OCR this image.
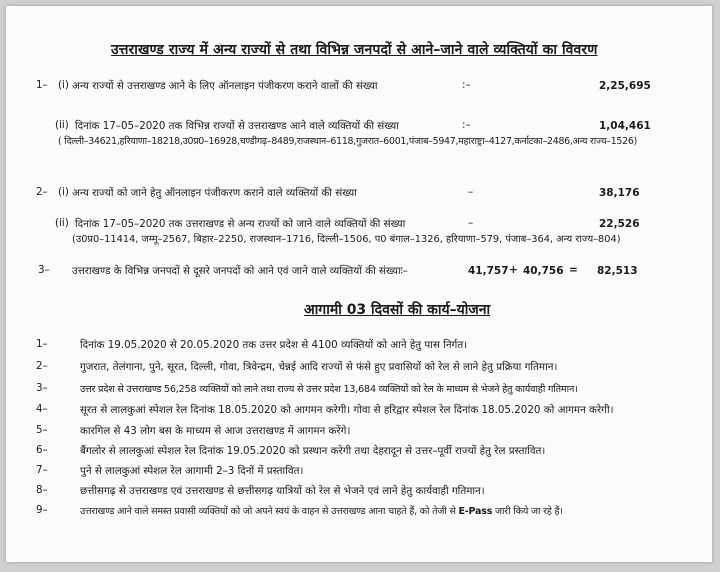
उत्तराखण्ड राज्य में अन्य राज्यों से तथा विभिन्न जनपदों से आने–जाने वाले व्यक्तियों का विवरण
1– (i) अन्य राज्यों से उत्तराखण्ड आने के लिए ऑनलाइन पंजीकरण कराने वालों की संख्या	:–	2,25,695
(ii) दिनांक 17–05–2020 तक विभिन्न राज्यों से उत्तराखण्ड आने वाले व्यक्तियों की संख्या	:–	1,04,461
( दिल्ली–34621,हरियाणा–18218,उ0प्र0–16928,चण्डीगढ़–8489,राजस्थान–6118,गुजरात–6001,पंजाब–5947,महाराष्ट्रा–4127,कर्नाटका–2486,अन्य राज्य–1526)
2– (i) अन्य राज्यों को जाने हेतु ऑनलाइन पंजीकरण कराने वाले व्यक्तियों की संख्या	–	38,176
(ii) दिनांक 17–05–2020 तक उत्तराखण्ड से अन्य राज्यों को जाने वाले व्यक्तियों की संख्या	–	22,526
(उ0प्र0–11414, जम्मू–2567, बिहार–2250, राजस्थान–1716, दिल्ली–1506, प0 बंगाल–1326, हरियाणा–579, पंजाब–364, अन्य राज्य–804)
3– उत्तराखण्ड के विभिन्न जनपदों से दूसरे जनपदों को आने एवं जाने वाले व्यक्तियों की संख्याः–	41,757 + 40,756 = 82,513
आगामी 03 दिवसों की कार्य–योजना
1–	दिनांक 19.05.2020 से 20.05.2020 तक उत्तर प्रदेश से 4100 व्यक्तियों को आने हेतु पास निर्गत।
2–	गुजरात, तेलंगाना, पुने, सूरत, दिल्ली, गोवा, त्रिवेन्द्रम, चेन्नई आदि राज्यों से फंसे हुए प्रवासियों को रेल से लाने हेतु प्रक्रिया गतिमान।
3–	उत्तर प्रदेश से उत्तराखण्ड 56,258 व्यक्तियों को लाने तथा राज्य से उत्तर प्रदेश 13,684 व्यक्तियों को रेल के माध्यम से भेजने हेतु कार्यवाही गतिमान।
4–	सूरत से लालकुआं स्पेशल रेल दिनांक 18.05.2020 को आगमन करेगी। गोवा से हरिद्वार स्पेशल रेल दिनांक 18.05.2020 को आगमन करेगी।
5–	कारगिल से 43 लोग बस के माध्यम से आज उत्तराखण्ड में आगमन करेंगे।
6–	बैंगलोर से लालकुआं स्पेशल रेल दिनांक 19.05.2020 को प्रस्थान करेगी तथा देहरादून से उत्तर–पूर्वी राज्यों हेतु रेल प्रस्तावित।
7–	पुने से लालकुआं स्पेशल रेल आगामी 2–3 दिनों में प्रस्तावित।
8–	छत्तीसगढ़ से उत्तराखण्ड एवं उत्तराखण्ड से छत्तीसगढ़ यात्रियों को रेल से भेजने एवं लाने हेतु कार्यवाही गतिमान।
9–	उत्तराखण्ड आने वाले समस्त प्रवासी व्यक्तियों को जो अपने स्वयं के वाहन से उत्तराखण्ड आना चाहते हैं, को तेजी से E-Pass जारी किये जा रहे हैं।
